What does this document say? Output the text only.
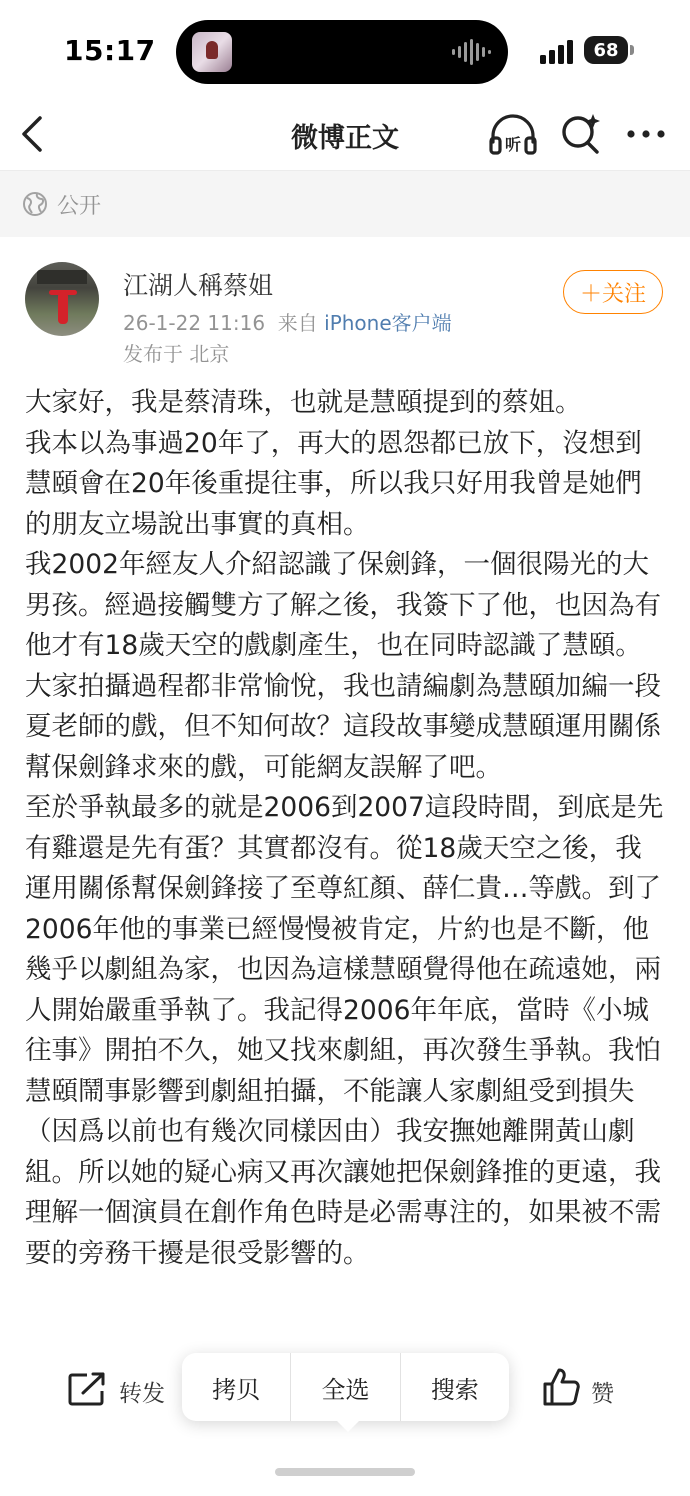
15:17	68
微博正文	听
公开
江湖人稱蔡姐
26-1-22 11:16 来自 iPhone客户端
发布于 北京
＋关注

大家好，我是蔡清珠，也就是慧頤提到的蔡姐。

我本以為事過20年了，再大的恩怨都已放下，沒想到慧頤會在20年後重提往事，所以我只好用我曾是她們的朋友立場說出事實的真相。

我2002年經友人介紹認識了保劍鋒，一個很陽光的大男孩。經過接觸雙方了解之後，我簽下了他，也因為有他才有18歲天空的戲劇產生，也在同時認識了慧頤。大家拍攝過程都非常愉悅，我也請編劇為慧頤加編一段夏老師的戲，但不知何故？這段故事變成慧頤運用關係幫保劍鋒求來的戲，可能網友誤解了吧。

至於爭執最多的就是2006到2007這段時間，到底是先有雞還是先有蛋？其實都沒有。從18歲天空之後，我運用關係幫保劍鋒接了至尊紅顏、薛仁貴…等戲。到了2006年他的事業已經慢慢被肯定，片約也是不斷，他幾乎以劇組為家，也因為這樣慧頤覺得他在疏遠她，兩人開始嚴重爭執了。我記得2006年年底，當時《小城往事》開拍不久，她又找來劇組，再次發生爭執。我怕慧頤鬧事影響到劇組拍攝，不能讓人家劇組受到損失（因爲以前也有幾次同樣因由）我安撫她離開黃山劇組。所以她的疑心病又再次讓她把保劍鋒推的更遠，我理解一個演員在創作角色時是必需專注的，如果被不需要的旁務干擾是很受影響的。

转发	赞
拷贝	全选	搜索
